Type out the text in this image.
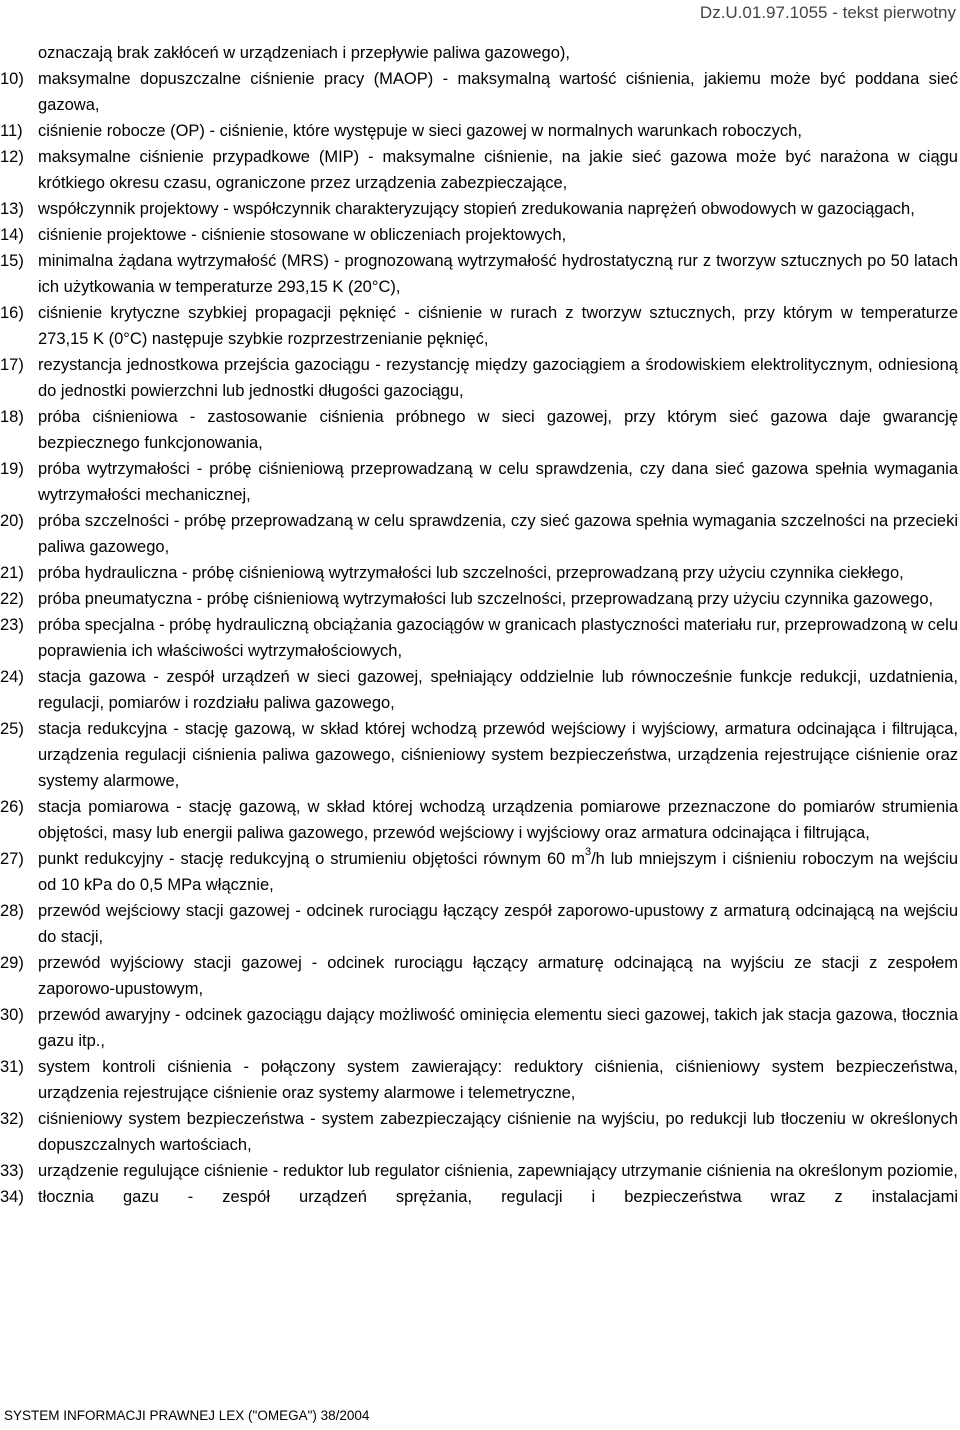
Dz.U.01.97.1055 - tekst pierwotny
oznaczają brak zakłóceń w urządzeniach i przepływie paliwa gazowego),
10) maksymalne dopuszczalne ciśnienie pracy (MAOP) - maksymalną wartość ciśnienia, jakiemu może być poddana sieć gazowa,
11) ciśnienie robocze (OP) - ciśnienie, które występuje w sieci gazowej w normalnych warunkach roboczych,
12) maksymalne ciśnienie przypadkowe (MIP) - maksymalne ciśnienie, na jakie sieć gazowa może być narażona w ciągu krótkiego okresu czasu, ograniczone przez urządzenia zabezpieczające,
13) współczynnik projektowy - współczynnik charakteryzujący stopień zredukowania naprężeń obwodowych w gazociągach,
14) ciśnienie projektowe - ciśnienie stosowane w obliczeniach projektowych,
15) minimalna żądana wytrzymałość (MRS) - prognozowaną wytrzymałość hydrostatyczną rur z tworzyw sztucznych po 50 latach ich użytkowania w temperaturze 293,15 K (20°C),
16) ciśnienie krytyczne szybkiej propagacji pęknięć - ciśnienie w rurach z tworzyw sztucznych, przy którym w temperaturze 273,15 K (0°C) następuje szybkie rozprzestrzenianie pęknięć,
17) rezystancja jednostkowa przejścia gazociągu - rezystancję między gazociągiem a środowiskiem elektrolitycznym, odniesioną do jednostki powierzchni lub jednostki długości gazociągu,
18) próba ciśnieniowa - zastosowanie ciśnienia próbnego w sieci gazowej, przy którym sieć gazowa daje gwarancję bezpiecznego funkcjonowania,
19) próba wytrzymałości - próbę ciśnieniową przeprowadzaną w celu sprawdzenia, czy dana sieć gazowa spełnia wymagania wytrzymałości mechanicznej,
20) próba szczelności - próbę przeprowadzaną w celu sprawdzenia, czy sieć gazowa spełnia wymagania szczelności na przecieki paliwa gazowego,
21) próba hydrauliczna - próbę ciśnieniową wytrzymałości lub szczelności, przeprowadzaną przy użyciu czynnika ciekłego,
22) próba pneumatyczna - próbę ciśnieniową wytrzymałości lub szczelności, przeprowadzaną przy użyciu czynnika gazowego,
23) próba specjalna - próbę hydrauliczną obciążania gazociągów w granicach plastyczności materiału rur, przeprowadzoną w celu poprawienia ich właściwości wytrzymałościowych,
24) stacja gazowa - zespół urządzeń w sieci gazowej, spełniający oddzielnie lub równocześnie funkcje redukcji, uzdatnienia, regulacji, pomiarów i rozdziału paliwa gazowego,
25) stacja redukcyjna - stację gazową, w skład której wchodzą przewód wejściowy i wyjściowy, armatura odcinająca i filtrująca, urządzenia regulacji ciśnienia paliwa gazowego, ciśnieniowy system bezpieczeństwa, urządzenia rejestrujące ciśnienie oraz systemy alarmowe,
26) stacja pomiarowa - stację gazową, w skład której wchodzą urządzenia pomiarowe przeznaczone do pomiarów strumienia objętości, masy lub energii paliwa gazowego, przewód wejściowy i wyjściowy oraz armatura odcinająca i filtrująca,
27) punkt redukcyjny - stację redukcyjną o strumieniu objętości równym 60 $m^3/h$ lub mniejszym i ciśnieniu roboczym na wejściu od 10 kPa do 0,5 MPa włącznie,
28) przewód wejściowy stacji gazowej - odcinek rurociągu łączący zespół zaporowo-upustowy z armaturą odcinającą na wejściu do stacji,
29) przewód wyjściowy stacji gazowej - odcinek rurociągu łączący armaturę odcinającą na wyjściu ze stacji z zespołem zaporowo-upustowym,
30) przewód awaryjny - odcinek gazociągu dający możliwość ominięcia elementu sieci gazowej, takich jak stacja gazowa, tłocznia gazu itp.,
31) system kontroli ciśnienia - połączony system zawierający: reduktory ciśnienia, ciśnieniowy system bezpieczeństwa, urządzenia rejestrujące ciśnienie oraz systemy alarmowe i telemetryczne,
32) ciśnieniowy system bezpieczeństwa - system zabezpieczający ciśnienie na wyjściu, po redukcji lub tłoczeniu w określonych dopuszczalnych wartościach,
33) urządzenie regulujące ciśnienie - reduktor lub regulator ciśnienia, zapewniający utrzymanie ciśnienia na określonym poziomie,
34) tłocznia gazu - zespół urządzeń sprężania, regulacji i bezpieczeństwa wraz z instalacjami
SYSTEM INFORMACJI PRAWNEJ LEX ("OMEGA") 38/2004
